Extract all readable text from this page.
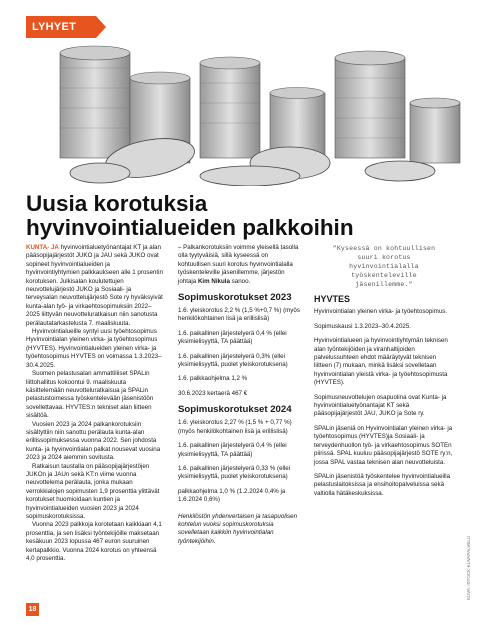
LYHYET
KUVA: ISTOCK-KUVAPALVELU
Uusia korotuksia hyvinvointialueiden palkkoihin

KUNTA- JA hyvinvointialuetyönantajat KT ja alan pääsopijajärjestöt JUKO ja JAU sekä JUKO ovat sopineet hyvinvointialueiden ja hyvinvointiyhtymien palkkaukseen alle 1 prosentin korotuksen. Julkisalan koulutettujen neuvottelujärjestö JUKO ja Sosiaali- ja terveysalan neuvottelujärjestö Sote ry hyväksyivät kunta-alan työ- ja virkaehtosopimuksiin 2022–2025 liittyvän neuvotteluratkaisun niin sanotusta perälautatarkastelusta 7. maaliskuuta.

Hyvinvointialueille syntyi uusi työehtosopimus Hyvinvointialan yleinen virka- ja työehtosopimus (HYVTES). Hyvinvointialueiden yleinen virka- ja työehtosopimus HYVTES on voimassa 1.3.2023–30.4.2025.

Suomen pelastusalan ammattiliiset SPALin liittohallitus kokoontui 9. maaliskuuta käsittelemään neuvotteluratkaisua ja SPALin pelastustoimessa työskentelevään jäsenistöön sovellettavaa. HYVTES:n tekniset alan liitteen sisältöä.

Vuosien 2023 ja 2024 palkankorotuksiin sisältyttiin niin sanottu perälauta kunta-alan erillissopimuksessa vuonna 2022. Sen johdosta kunta- ja hyvinvointialan palkat nousevat vuosina 2023 ja 2024 aiemmin sovitusta.

Ratkaisun taustalla on pääsopijajärjestöjen JUKOn ja JAUn sekä KT:n viime vuonna neuvottelema perälauta, jonka mukaan verrokkialojen sopimusten 1,9 prosenttia ylittävät korotukset huomioidaan kuntien ja hyvinvointialueiden vuosien 2023 ja 2024 sopimuskorotuksissa.

Vuonna 2023 palkkoja korotetaan kaikkiaan 4,1 prosenttia, ja sen lisäksi työntekijöille maksetaan kesäkuun 2023 lopussa 467 euron suuruinen kertapalkkio. Vuonna 2024 korotus on yhteensä 4,0 prosenttia.

– Palkankorotuksiin voimme yleisellä tasolla olla tyytyväisiä, sillä kyseessä on kohtuullisen suuri korotus hyvinvointialalla työskenteleville jäsenillemme, järjestön johtaja Kim Nikula sanoo.

Sopimuskorotukset 2023

1.6. yleiskorotus 2,2 % (1,5 %+0,7 %) (myös henkilökohtainen lisä ja erillislisä)

1.6. paikallinen järjestelyerä 0,4 % (ellei yksimielisyyttä, TA päättää)

1.6. paikallinen järjestelyerä 0,3% (ellei yksimielisyyttä, puolet yleiskorotuksena)

1.6. palkkaohjelma 1,2 %

30.6.2023 kertaerä 467 €

Sopimuskorotukset 2024

1.6. yleiskorotus 2,27 % (1,5 % + 0,77 %) (myös henkilökohtainen lisä ja erillislisä)

1.6. paikallinen järjestelyerä 0,4 % (ellei yksimielisyyttä, TA päättää)

1.6. paikallinen järjestelyerä 0,33 % (ellei yksimielisyyttä, puolet yleiskorotuksena)

palkkaohjelma 1,0 % (1.2.2024 0,4% ja 1.6.2024 0,6%)

Henkilöstön yhdenvertaisen ja tasapuolisen kohtelun vuoksi sopimuskorotuksia sovelletaan kaikkiin hyvinvointialan työntekijöihin.

”Kyseessä on kohtuullisen suuri korotus hyvinvointialalla työskenteleville jäsenillemme.”

HYVTES

Hyvinvointialan yleinen virka- ja työehtosopimus.

Sopimuskausi 1.3.2023–30.4.2025.

Hyvinvointialueen ja hyvinvointiyhtymän teknisen alan työntekijöiden ja viranhaltijoiden palvelussuhteen ehdot määräytyvät teknisen liitteen (7) mukaan, minkä lisäksi sovelletaan hyvinvointialan yleistä virka- ja työehtosopimusta (HYVTES).

Sopimusneuvottelujen osapuolina ovat Kunta- ja hyvinvointialuetyönantajat KT sekä pääsopijajärjestöt JAU, JUKO ja Sote ry.

SPALin jäseniä on Hyvinvointialan yleinen virka- ja työehtosopimus (HYVTES)ja Sosiaali- ja terveydenhuollon työ- ja virkaehtosopimus SOTEn piirissä. SPAL kuuluu pääsopijajärjestö SOTE ry:n, jossa SPAL vastaa teknisen alan neuvotteluista.

SPALin jäsenistöä työskentelee hyvinvointialueilla pelastuslaitoksissa ja ensihoitopalveluissa sekä valtiolla hätäkeskuksissa.

18
